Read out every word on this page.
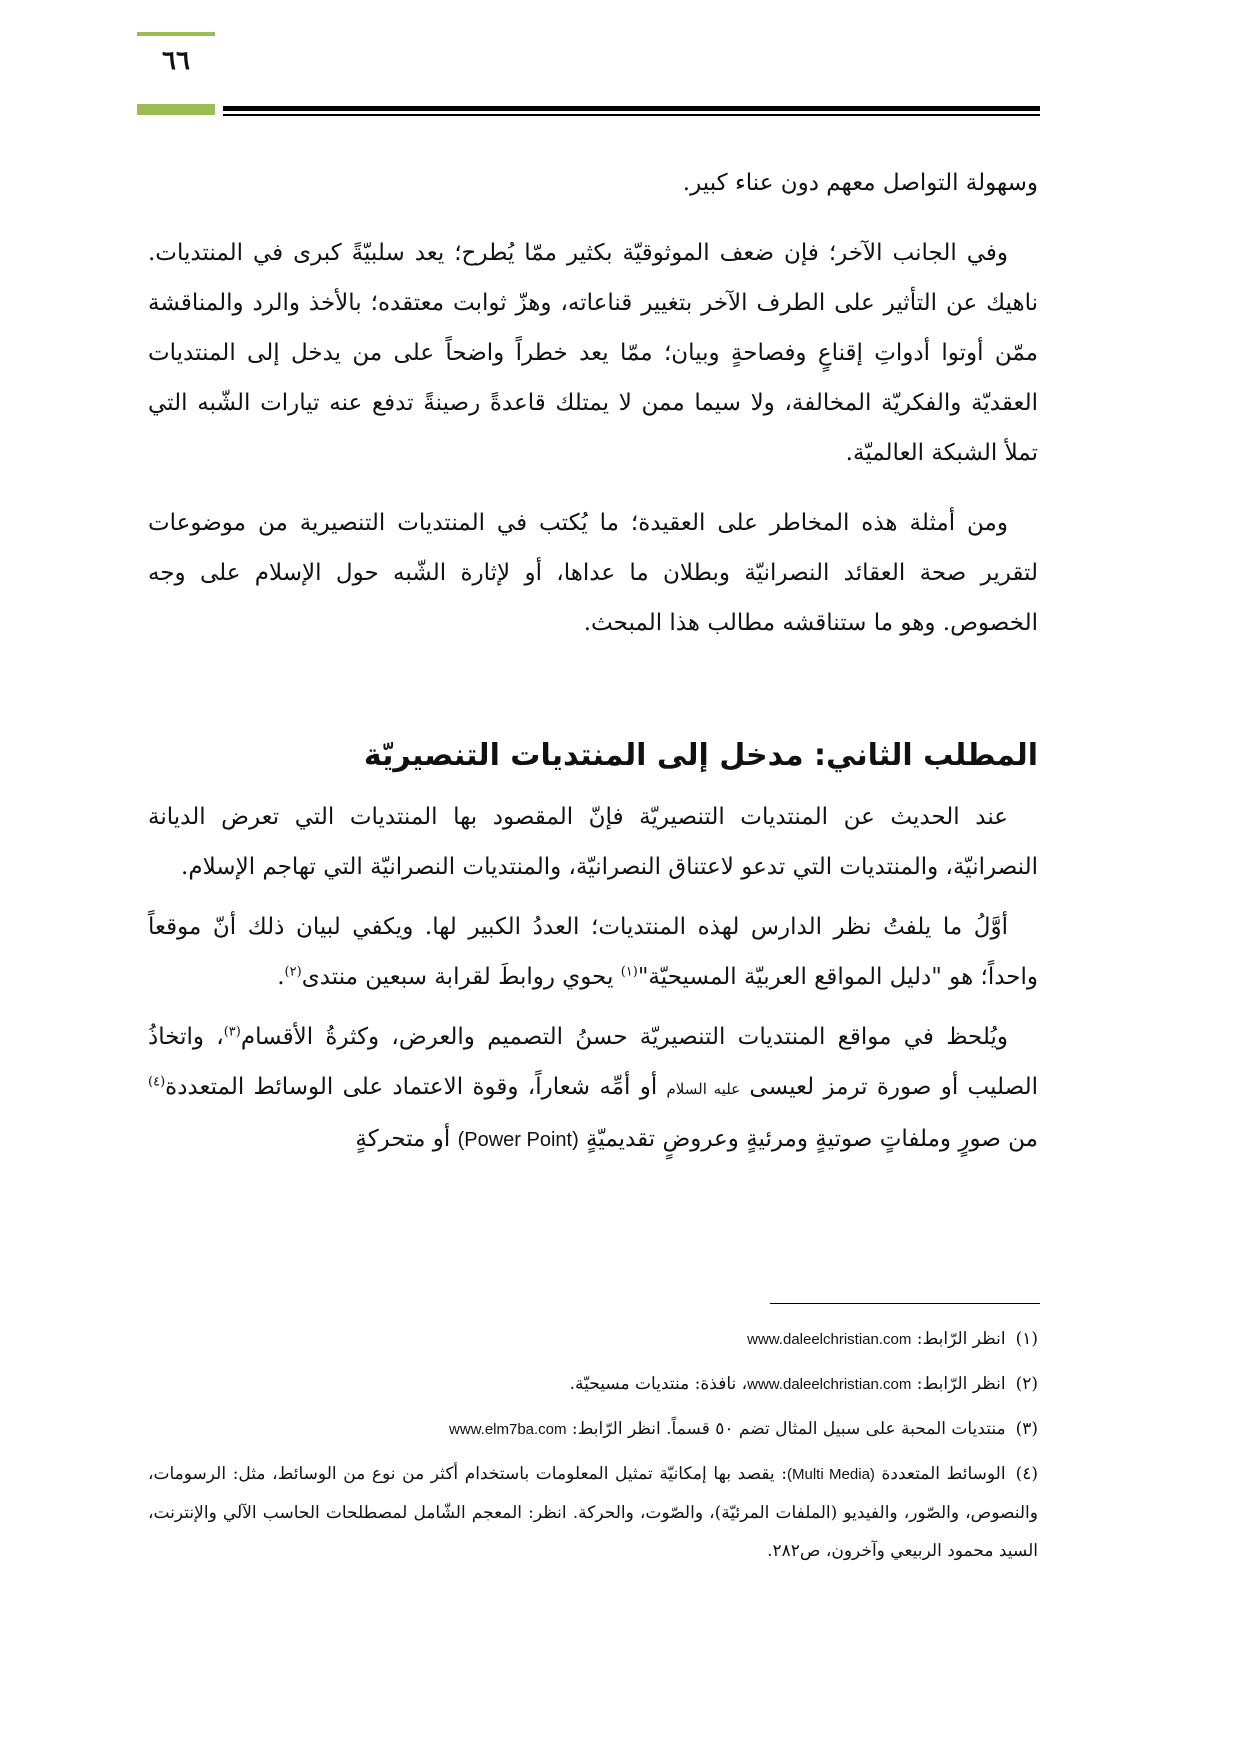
٦٦

وسهولة التواصل معهم دون عناء كبير.

وفي الجانب الآخر؛ فإن ضعف الموثوقيّة بكثير ممّا يُطرح؛ يعد سلبيّةً كبرى في المنتديات. ناهيك عن التأثير على الطرف الآخر بتغيير قناعاته، وهزّ ثوابت معتقده؛ بالأخذ والرد والمناقشة ممّن أوتوا أدواتِ إقناعٍ وفصاحةٍ وبيان؛ ممّا يعد خطراً واضحاً على من يدخل إلى المنتديات العقديّة والفكريّة المخالفة، ولا سيما ممن لا يمتلك قاعدةً رصينةً تدفع عنه تيارات الشّبه التي تملأ الشبكة العالميّة.

ومن أمثلة هذه المخاطر على العقيدة؛ ما يُكتب في المنتديات التنصيرية من موضوعات لتقرير صحة العقائد النصرانيّة وبطلان ما عداها، أو لإثارة الشّبه حول الإسلام على وجه الخصوص. وهو ما ستناقشه مطالب هذا المبحث.

المطلب الثاني: مدخل إلى المنتديات التنصيريّة

عند الحديث عن المنتديات التنصيريّة فإنّ المقصود بها المنتديات التي تعرض الديانة النصرانيّة، والمنتديات التي تدعو لاعتناق النصرانيّة، والمنتديات النصرانيّة التي تهاجم الإسلام.

أوَّلُ ما يلفتُ نظر الدارس لهذه المنتديات؛ العددُ الكبير لها. ويكفي لبيان ذلك أنّ موقعاً واحداً؛ هو "دليل المواقع العربيّة المسيحيّة"$^{(١)}$ يحوي روابطَ لقرابة سبعين منتدى$^{(٢)}$.

ويُلحظ في مواقع المنتديات التنصيريّة حسنُ التصميم والعرض، وكثرةُ الأقسام$^{(٣)}$، واتخاذُ الصليب أو صورة ترمز لعيسى عليه السلام أو أمِّه شعاراً، وقوة الاعتماد على الوسائط المتعددة$^{(٤)}$ من صورٍ وملفاتٍ صوتيةٍ ومرئيةٍ وعروضٍ تقديميّةٍ (Power Point) أو متحركةٍ

(١)انظر الرّابط: www.daleelchristian.com

(٢)انظر الرّابط: www.daleelchristian.com، نافذة: منتديات مسيحيّة.

(٣)منتديات المحبة على سبيل المثال تضم ٥٠ قسماً. انظر الرّابط: www.elm7ba.com

(٤)الوسائط المتعددة (Multi Media): يقصد بها إمكانيّة تمثيل المعلومات باستخدام أكثر من نوع من الوسائط، مثل: الرسومات، والنصوص، والصّور، والفيديو (الملفات المرئيّة)، والصّوت، والحركة. انظر: المعجم الشّامل لمصطلحات الحاسب الآلي والإنترنت، السيد محمود الربيعي وآخرون، ص٢٨٢.
